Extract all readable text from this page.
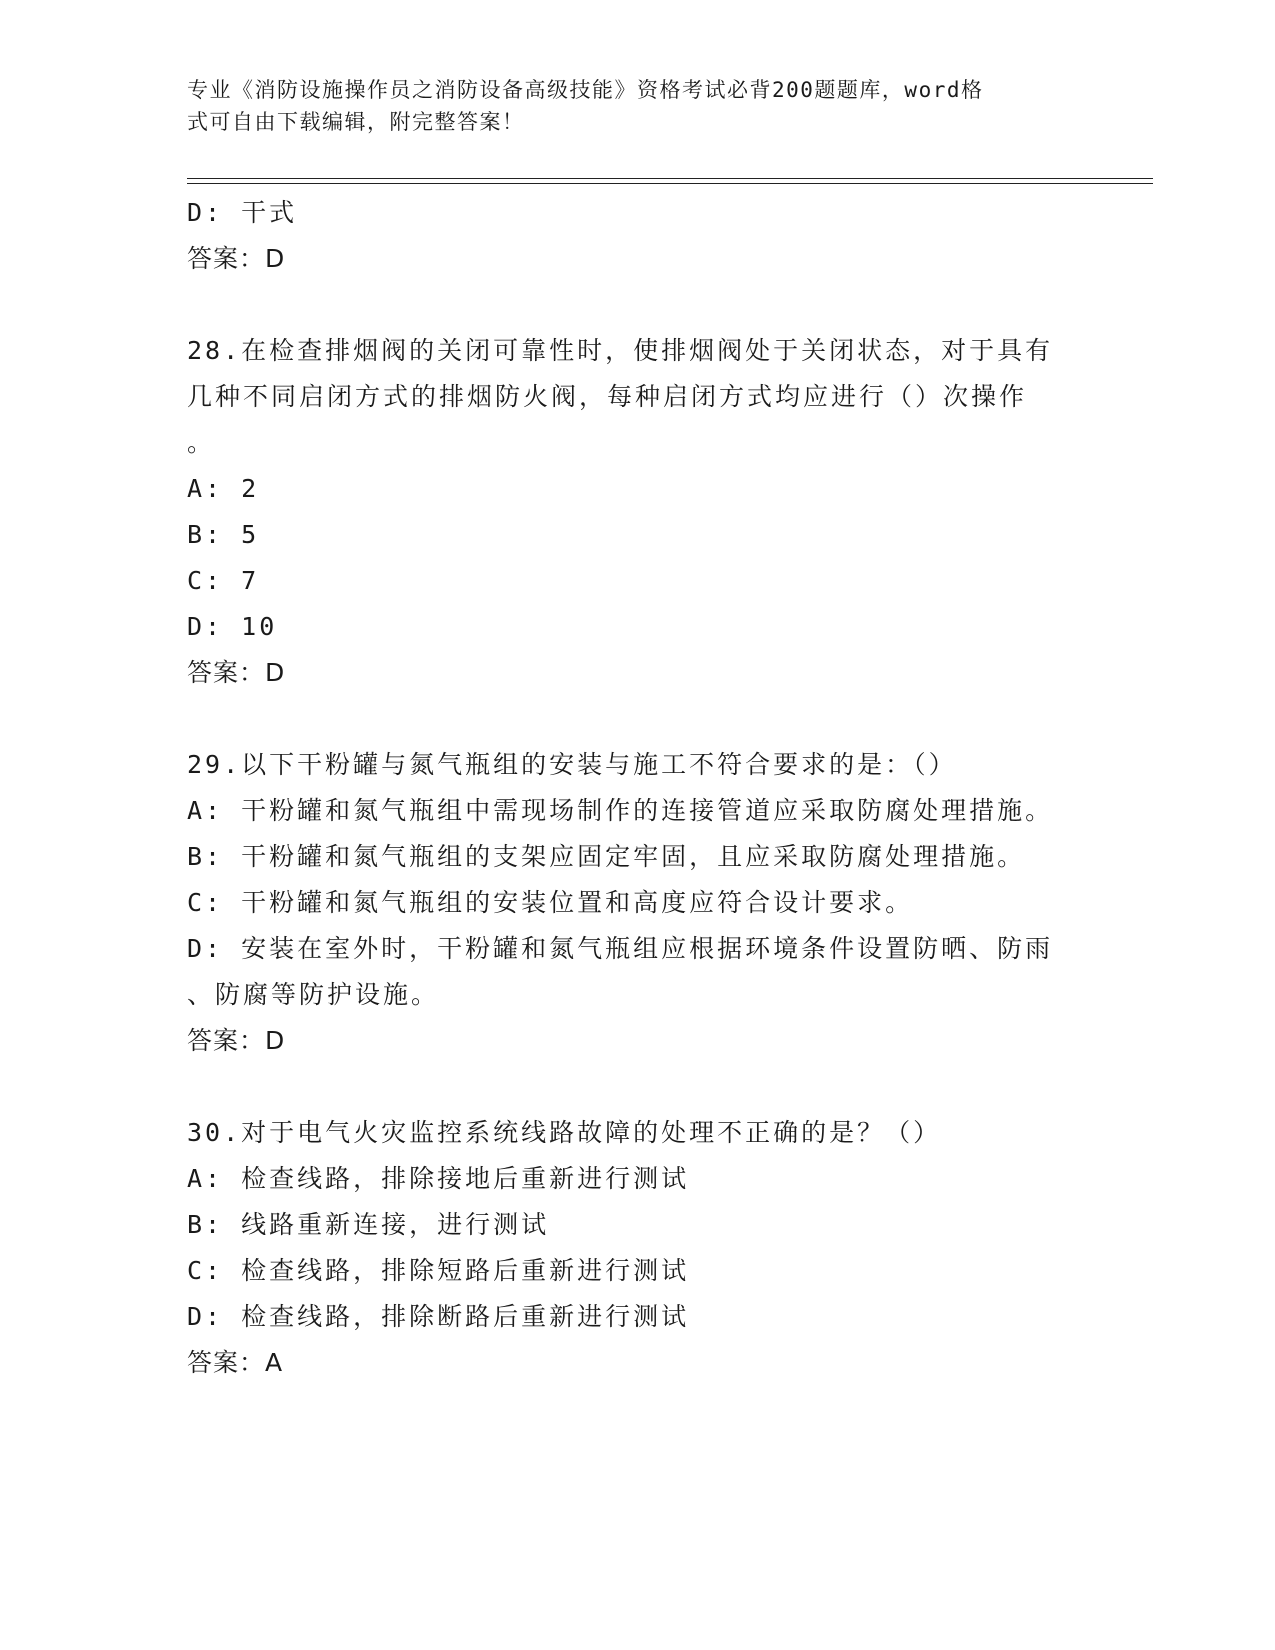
专业《消防设施操作员之消防设备高级技能》资格考试必背200题题库，word格
式可自由下载编辑，附完整答案！
D: 干式
答案：D
28.在检查排烟阀的关闭可靠性时，使排烟阀处于关闭状态，对于具有
几种不同启闭方式的排烟防火阀，每种启闭方式均应进行（）次操作
。
A: 2
B: 5
C: 7
D: 10
答案：D
29.以下干粉罐与氮气瓶组的安装与施工不符合要求的是：（）
A: 干粉罐和氮气瓶组中需现场制作的连接管道应采取防腐处理措施。
B: 干粉罐和氮气瓶组的支架应固定牢固，且应采取防腐处理措施。
C: 干粉罐和氮气瓶组的安装位置和高度应符合设计要求。
D: 安装在室外时，干粉罐和氮气瓶组应根据环境条件设置防晒、防雨
、防腐等防护设施。
答案：D
30.对于电气火灾监控系统线路故障的处理不正确的是？（）
A: 检查线路，排除接地后重新进行测试
B: 线路重新连接，进行测试
C: 检查线路，排除短路后重新进行测试
D: 检查线路，排除断路后重新进行测试
答案：A
